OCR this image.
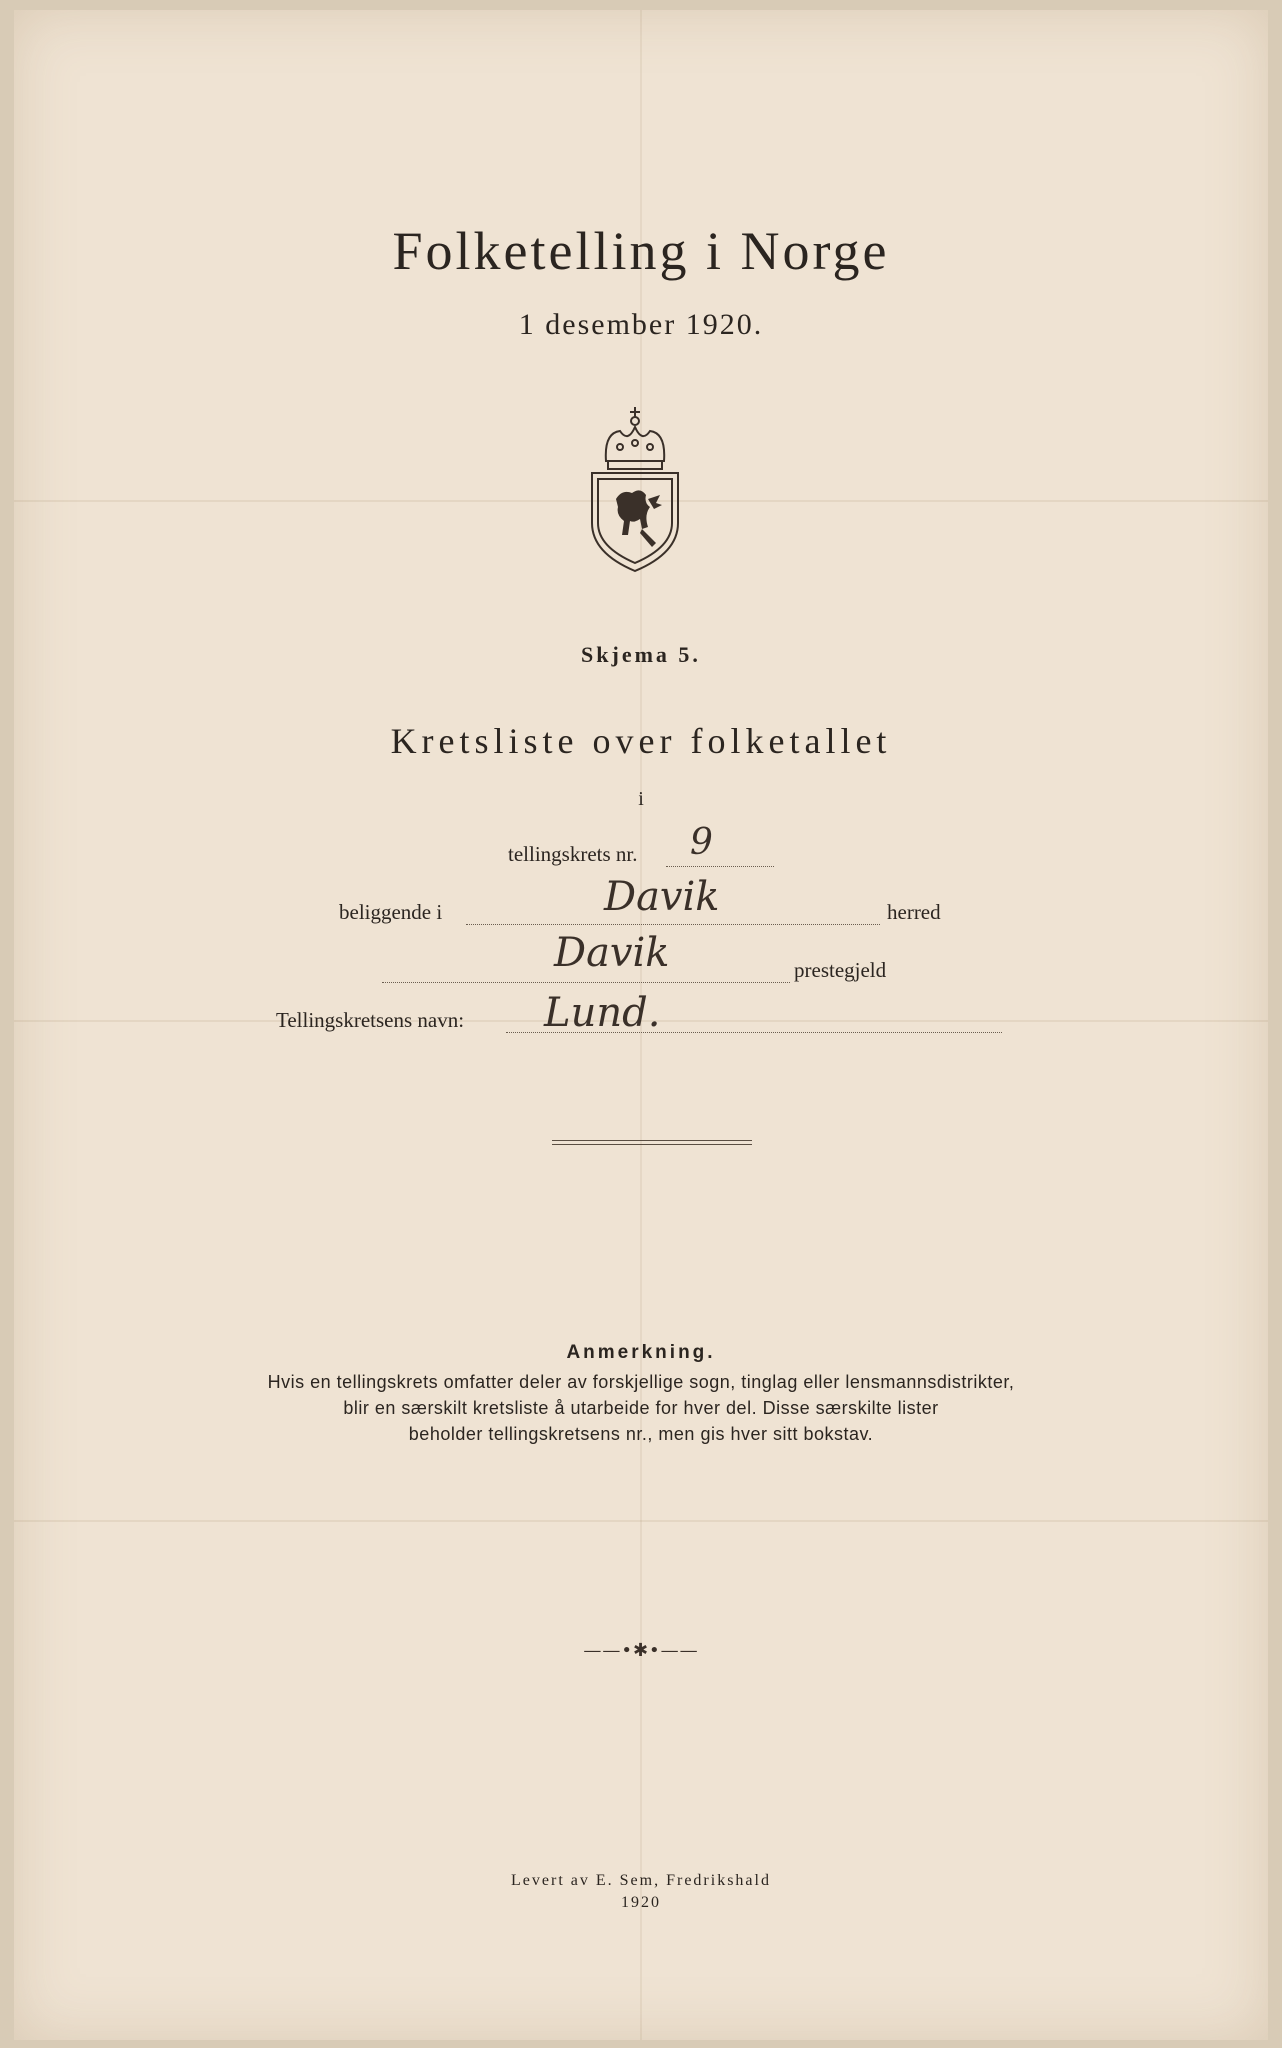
Folketelling i Norge
1 desember 1920.
Skjema 5.
Kretsliste over folketallet
i
tellingskrets nr. 9
beliggende i	Davik	herred
Davik	prestegjeld
Tellingskretsens navn: Lund.
Anmerkning.
Hvis en tellingskrets omfatter deler av forskjellige sogn, tinglag eller lensmannsdistrikter,
blir en særskilt kretsliste å utarbeide for hver del. Disse særskilte lister
beholder tellingskretsens nr., men gis hver sitt bokstav.
——•✱•——
Levert av E. Sem, Fredrikshald
1920
